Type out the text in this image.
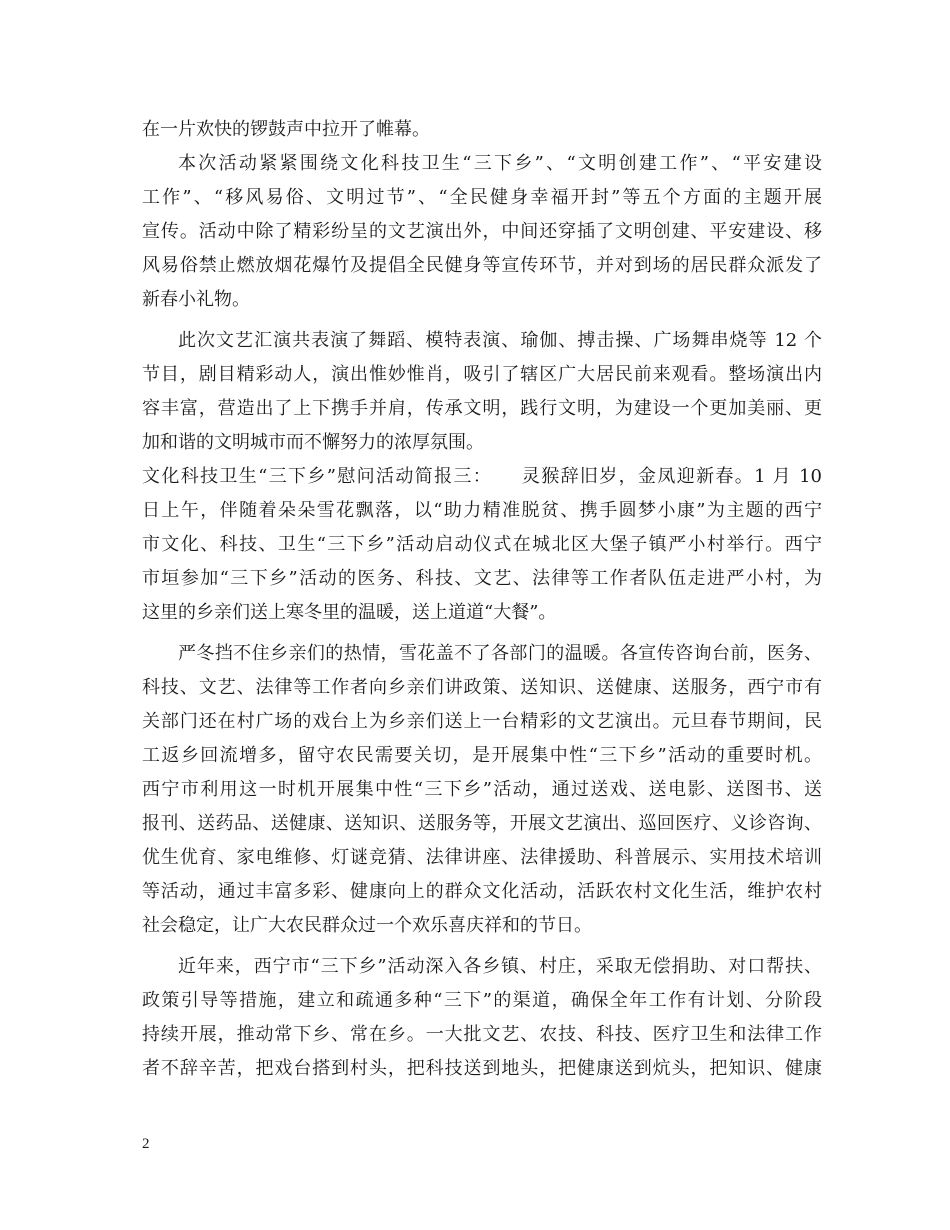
在一片欢快的锣鼓声中拉开了帷幕。
本次活动紧紧围绕文化科技卫生“三下乡”、“文明创建工作”、“平安建设
工作”、“移风易俗、文明过节”、“全民健身幸福开封”等五个方面的主题开展
宣传。活动中除了精彩纷呈的文艺演出外，中间还穿插了文明创建、平安建设、移
风易俗禁止燃放烟花爆竹及提倡全民健身等宣传环节，并对到场的居民群众派发了
新春小礼物。
此次文艺汇演共表演了舞蹈、模特表演、瑜伽、搏击操、广场舞串烧等 12 个
节目，剧目精彩动人，演出惟妙惟肖，吸引了辖区广大居民前来观看。整场演出内
容丰富，营造出了上下携手并肩，传承文明，践行文明，为建设一个更加美丽、更
加和谐的文明城市而不懈努力的浓厚氛围。
文化科技卫生“三下乡”慰问活动简报三：　　灵猴辞旧岁，金凤迎新春。1 月 10
日上午，伴随着朵朵雪花飘落，以“助力精准脱贫、携手圆梦小康”为主题的西宁
市文化、科技、卫生“三下乡”活动启动仪式在城北区大堡子镇严小村举行。西宁
市垣参加“三下乡”活动的医务、科技、文艺、法律等工作者队伍走进严小村，为
这里的乡亲们送上寒冬里的温暖，送上道道“大餐”。
严冬挡不住乡亲们的热情，雪花盖不了各部门的温暖。各宣传咨询台前，医务、
科技、文艺、法律等工作者向乡亲们讲政策、送知识、送健康、送服务，西宁市有
关部门还在村广场的戏台上为乡亲们送上一台精彩的文艺演出。元旦春节期间，民
工返乡回流增多，留守农民需要关切，是开展集中性“三下乡”活动的重要时机。
西宁市利用这一时机开展集中性“三下乡”活动，通过送戏、送电影、送图书、送
报刊、送药品、送健康、送知识、送服务等，开展文艺演出、巡回医疗、义诊咨询、
优生优育、家电维修、灯谜竞猜、法律讲座、法律援助、科普展示、实用技术培训
等活动，通过丰富多彩、健康向上的群众文化活动，活跃农村文化生活，维护农村
社会稳定，让广大农民群众过一个欢乐喜庆祥和的节日。
近年来，西宁市“三下乡”活动深入各乡镇、村庄，采取无偿捐助、对口帮扶、
政策引导等措施，建立和疏通多种“三下”的渠道，确保全年工作有计划、分阶段
持续开展，推动常下乡、常在乡。一大批文艺、农技、科技、医疗卫生和法律工作
者不辞辛苦，把戏台搭到村头，把科技送到地头，把健康送到炕头，把知识、健康
2
